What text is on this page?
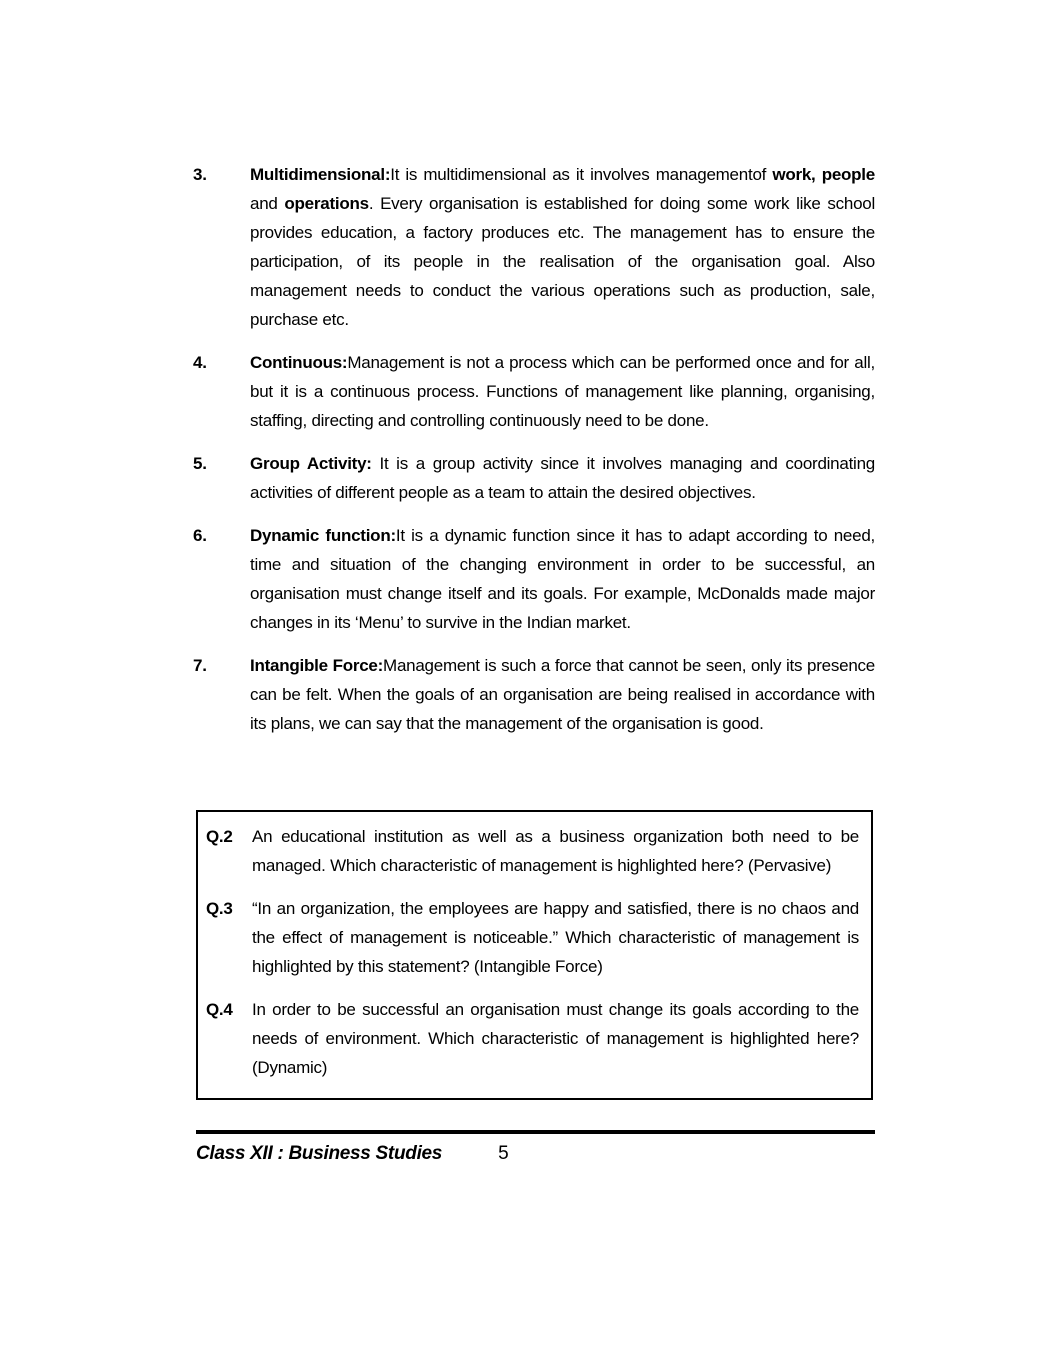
3.	Multidimensional:It is multidimensional as it involves managementof work, people and operations. Every organisation is established for doing some work like school provides education, a factory produces etc. The management has to ensure the participation, of its people in the realisation of the organisation goal. Also management needs to conduct the various operations such as production, sale, purchase etc.
4.	Continuous:Management is not a process which can be performed once and for all, but it is a continuous process. Functions of management like planning, organising, staffing, directing and controlling continuously need to be done.
5.	Group Activity: It is a group activity since it involves managing and coordinating activities of different people as a team to attain the desired objectives.
6.	Dynamic function:It is a dynamic function since it has to adapt according to need, time and situation of the changing environment in order to be successful, an organisation must change itself and its goals. For example, McDonalds made major changes in its ‘Menu’ to survive in the Indian market.
7.	Intangible Force:Management is such a force that cannot be seen, only its presence can be felt. When the goals of an organisation are being realised in accordance with its plans, we can say that the management of the organisation is good.
Q.2	An educational institution as well as a business organization both need to be managed. Which characteristic of management is highlighted here? (Pervasive)
Q.3	“In an organization, the employees are happy and satisfied, there is no chaos and the effect of management is noticeable.” Which characteristic of management is highlighted by this statement? (Intangible Force)
Q.4	In order to be successful an organisation must change its goals according to the needs of environment. Which characteristic of management is highlighted here? (Dynamic)
Class XII : Business Studies	5
